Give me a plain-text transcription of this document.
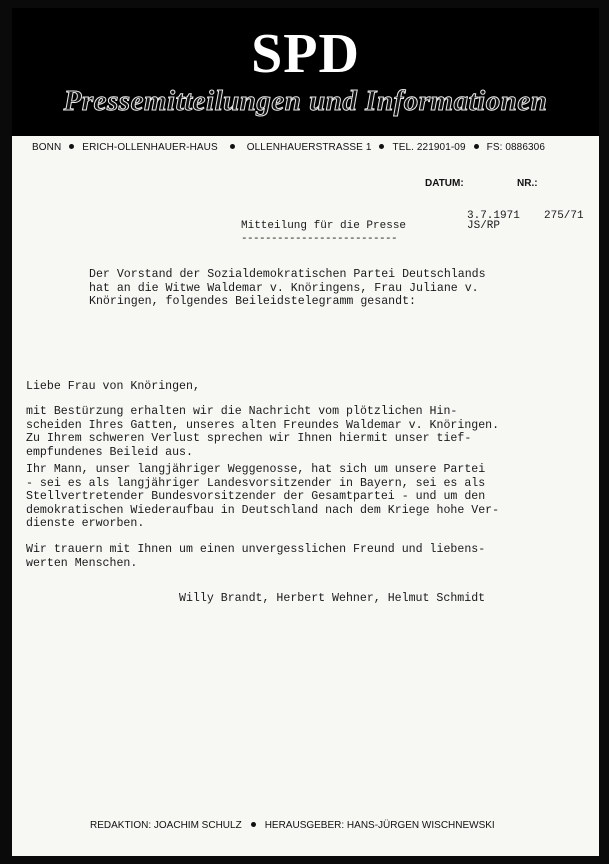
SPD
Pressemitteilungen und Informationen
BONN ERICH-OLLENHAUER-HAUS	OLLENHAUERSTRASSE 1 TEL. 221901-09 FS: 0886306
DATUM:	NR.:
3.7.1971
JS/RP
275/71
Mitteilung für die Presse
--------------------------
Der Vorstand der Sozialdemokratischen Partei Deutschlands
hat an die Witwe Waldemar v. Knöringens, Frau Juliane v.
Knöringen, folgendes Beileidstelegramm gesandt:
Liebe Frau von Knöringen,
mit Bestürzung erhalten wir die Nachricht vom plötzlichen Hin-
scheiden Ihres Gatten, unseres alten Freundes Waldemar v. Knöringen.
Zu Ihrem schweren Verlust sprechen wir Ihnen hiermit unser tief-
empfundenes Beileid aus.
Ihr Mann, unser langjähriger Weggenosse, hat sich um unsere Partei
- sei es als langjähriger Landesvorsitzender in Bayern, sei es als
Stellvertretender Bundesvorsitzender der Gesamtpartei - und um den
demokratischen Wiederaufbau in Deutschland nach dem Kriege hohe Ver-
dienste erworben.
Wir trauern mit Ihnen um einen unvergesslichen Freund und liebens-
werten Menschen.
Willy Brandt, Herbert Wehner, Helmut Schmidt
REDAKTION: JOACHIM SCHULZ HERAUSGEBER: HANS-JÜRGEN WISCHNEWSKI
